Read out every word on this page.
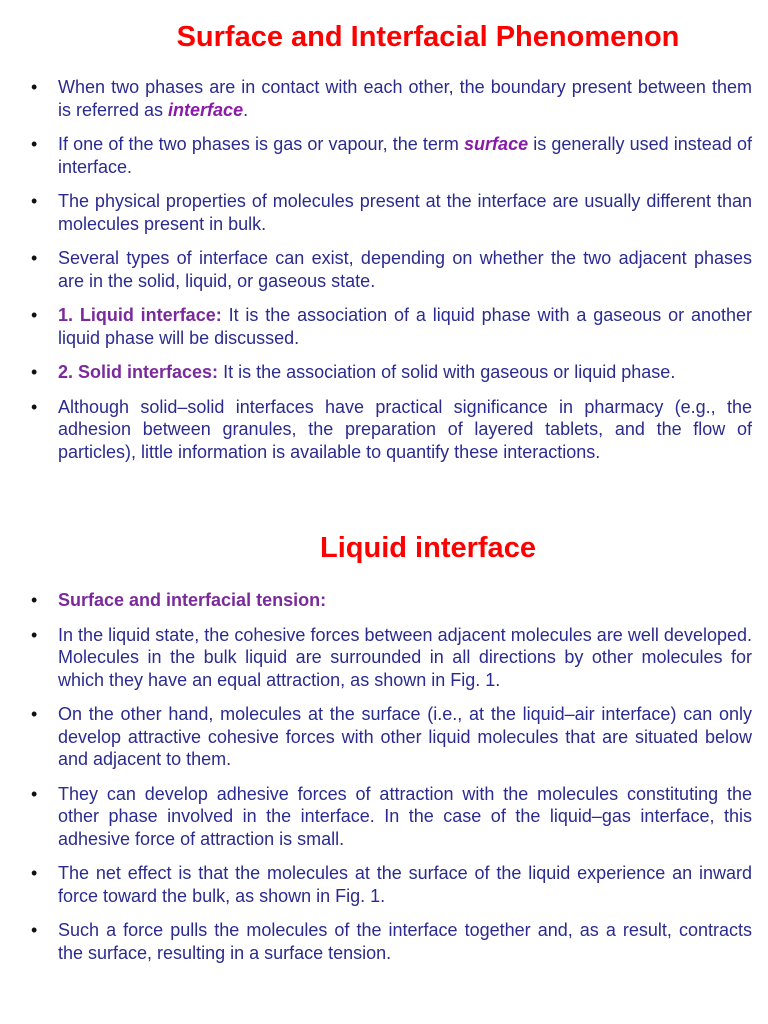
Surface and Interfacial Phenomenon
• When two phases are in contact with each other, the boundary present between them is referred as interface.
• If one of the two phases is gas or vapour, the term surface is generally used instead of interface.
• The physical properties of molecules present at the interface are usually different than molecules present in bulk.
• Several types of interface can exist, depending on whether the two adjacent phases are in the solid, liquid, or gaseous state.
• 1. Liquid interface: It is the association of a liquid phase with a gaseous or another liquid phase will be discussed.
• 2. Solid interfaces: It is the association of solid with gaseous or liquid phase.
• Although solid–solid interfaces have practical significance in pharmacy (e.g., the adhesion between granules, the preparation of layered tablets, and the flow of particles), little information is available to quantify these interactions.
Liquid interface
• Surface and interfacial tension:
• In the liquid state, the cohesive forces between adjacent molecules are well developed. Molecules in the bulk liquid are surrounded in all directions by other molecules for which they have an equal attraction, as shown in Fig. 1.
• On the other hand, molecules at the surface (i.e., at the liquid–air interface) can only develop attractive cohesive forces with other liquid molecules that are situated below and adjacent to them.
• They can develop adhesive forces of attraction with the molecules constituting the other phase involved in the interface. In the case of the liquid–gas interface, this adhesive force of attraction is small.
• The net effect is that the molecules at the surface of the liquid experience an inward force toward the bulk, as shown in Fig. 1.
• Such a force pulls the molecules of the interface together and, as a result, contracts the surface, resulting in a surface tension.
